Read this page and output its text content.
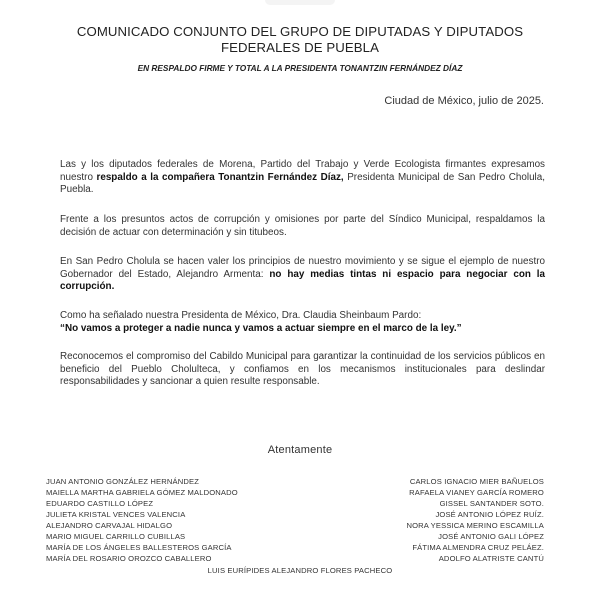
COMUNICADO CONJUNTO DEL GRUPO DE DIPUTADAS Y DIPUTADOS
FEDERALES DE PUEBLA
EN RESPALDO FIRME Y TOTAL A LA PRESIDENTA TONANTZIN FERNÁNDEZ DÍAZ
Ciudad de México, julio de 2025.

Las y los diputados federales de Morena, Partido del Trabajo y Verde Ecologista firmantes expresamos nuestro respaldo a la compañera Tonantzin Fernández Díaz, Presidenta Municipal de San Pedro Cholula, Puebla.

Frente a los presuntos actos de corrupción y omisiones por parte del Síndico Municipal, respaldamos la decisión de actuar con determinación y sin titubeos.

En San Pedro Cholula se hacen valer los principios de nuestro movimiento y se sigue el ejemplo de nuestro Gobernador del Estado, Alejandro Armenta: no hay medias tintas ni espacio para negociar con la corrupción.

Como ha señalado nuestra Presidenta de México, Dra. Claudia Sheinbaum Pardo:
“No vamos a proteger a nadie nunca y vamos a actuar siempre en el marco de la ley.”

Reconocemos el compromiso del Cabildo Municipal para garantizar la continuidad de los servicios públicos en beneficio del Pueblo Cholulteca, y confiamos en los mecanismos institucionales para deslindar responsabilidades y sancionar a quien resulte responsable.

Atentamente
JUAN ANTONIO GONZÁLEZ HERNÁNDEZ
MAIELLA MARTHA GABRIELA GÓMEZ MALDONADO
EDUARDO CASTILLO LÓPEZ
JULIETA KRISTAL VENCES VALENCIA
ALEJANDRO CARVAJAL HIDALGO
MARIO MIGUEL CARRILLO CUBILLAS
MARÍA DE LOS ÁNGELES BALLESTEROS GARCÍA
MARÍA DEL ROSARIO OROZCO CABALLERO
CARLOS IGNACIO MIER BAÑUELOS
RAFAELA VIANEY GARCÍA ROMERO
GISSEL SANTANDER SOTO.
JOSÉ ANTONIO LÓPEZ RUÍZ.
NORA YESSICA MERINO ESCAMILLA
JOSÉ ANTONIO GALI LÓPEZ
FÁTIMA ALMENDRA CRUZ PELÁEZ.
ADOLFO ALATRISTE CANTÚ
LUIS EURÍPIDES ALEJANDRO FLORES PACHECO
